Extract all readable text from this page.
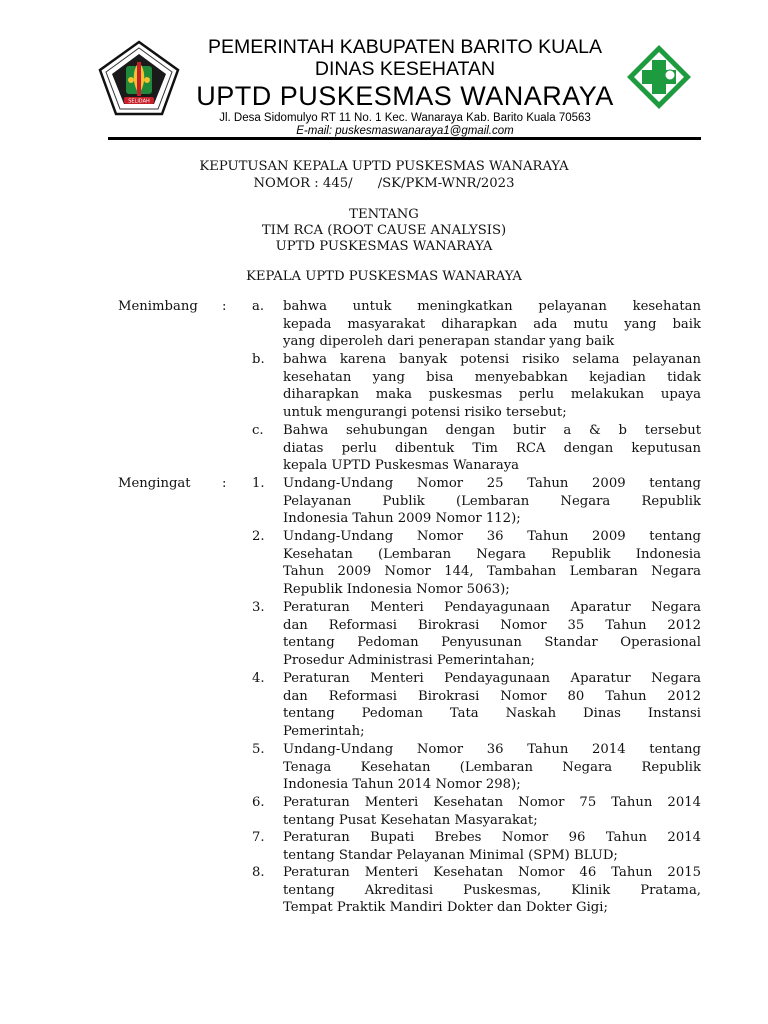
SELIDAH
PEMERINTAH KABUPATEN BARITO KUALA
DINAS KESEHATAN
UPTD PUSKESMAS WANARAYA
Jl. Desa Sidomulyo RT 11 No. 1 Kec. Wanaraya Kab. Barito Kuala 70563
E-mail: puskesmaswanaraya1@gmail.com
KEPUTUSAN KEPALA UPTD PUSKESMAS WANARAYA
NOMOR : 445/      /SK/PKM-WNR/2023
TENTANG
TIM RCA (ROOT CAUSE ANALYSIS)
UPTD PUSKESMAS WANARAYA
KEPALA UPTD PUSKESMAS WANARAYA
Menimbang : a. bahwa untuk meningkatkan pelayanan kesehatan
kepada masyarakat diharapkan ada mutu yang baik
yang diperoleh dari penerapan standar yang baik
b. bahwa karena banyak potensi risiko selama pelayanan
kesehatan yang bisa menyebabkan kejadian tidak
diharapkan maka puskesmas perlu melakukan upaya
untuk mengurangi potensi risiko tersebut;
c. Bahwa sehubungan dengan butir a & b tersebut
diatas perlu dibentuk Tim RCA dengan keputusan
kepala UPTD Puskesmas Wanaraya
Mengingat : 1. Undang-Undang Nomor 25 Tahun 2009 tentang
Pelayanan Publik (Lembaran Negara Republik
Indonesia Tahun 2009 Nomor 112);
2. Undang-Undang Nomor 36 Tahun 2009 tentang
Kesehatan (Lembaran Negara Republik Indonesia
Tahun 2009 Nomor 144, Tambahan Lembaran Negara
Republik Indonesia Nomor 5063);
3. Peraturan Menteri Pendayagunaan Aparatur Negara
dan Reformasi Birokrasi Nomor 35 Tahun 2012
tentang Pedoman Penyusunan Standar Operasional
Prosedur Administrasi Pemerintahan;
4. Peraturan Menteri Pendayagunaan Aparatur Negara
dan Reformasi Birokrasi Nomor 80 Tahun 2012
tentang Pedoman Tata Naskah Dinas Instansi
Pemerintah;
5. Undang-Undang Nomor 36 Tahun 2014 tentang
Tenaga Kesehatan (Lembaran Negara Republik
Indonesia Tahun 2014 Nomor 298);
6. Peraturan Menteri Kesehatan Nomor 75 Tahun 2014
tentang Pusat Kesehatan Masyarakat;
7. Peraturan Bupati Brebes Nomor 96 Tahun 2014
tentang Standar Pelayanan Minimal (SPM) BLUD;
8. Peraturan Menteri Kesehatan Nomor 46 Tahun 2015
tentang Akreditasi Puskesmas, Klinik Pratama,
Tempat Praktik Mandiri Dokter dan Dokter Gigi;
